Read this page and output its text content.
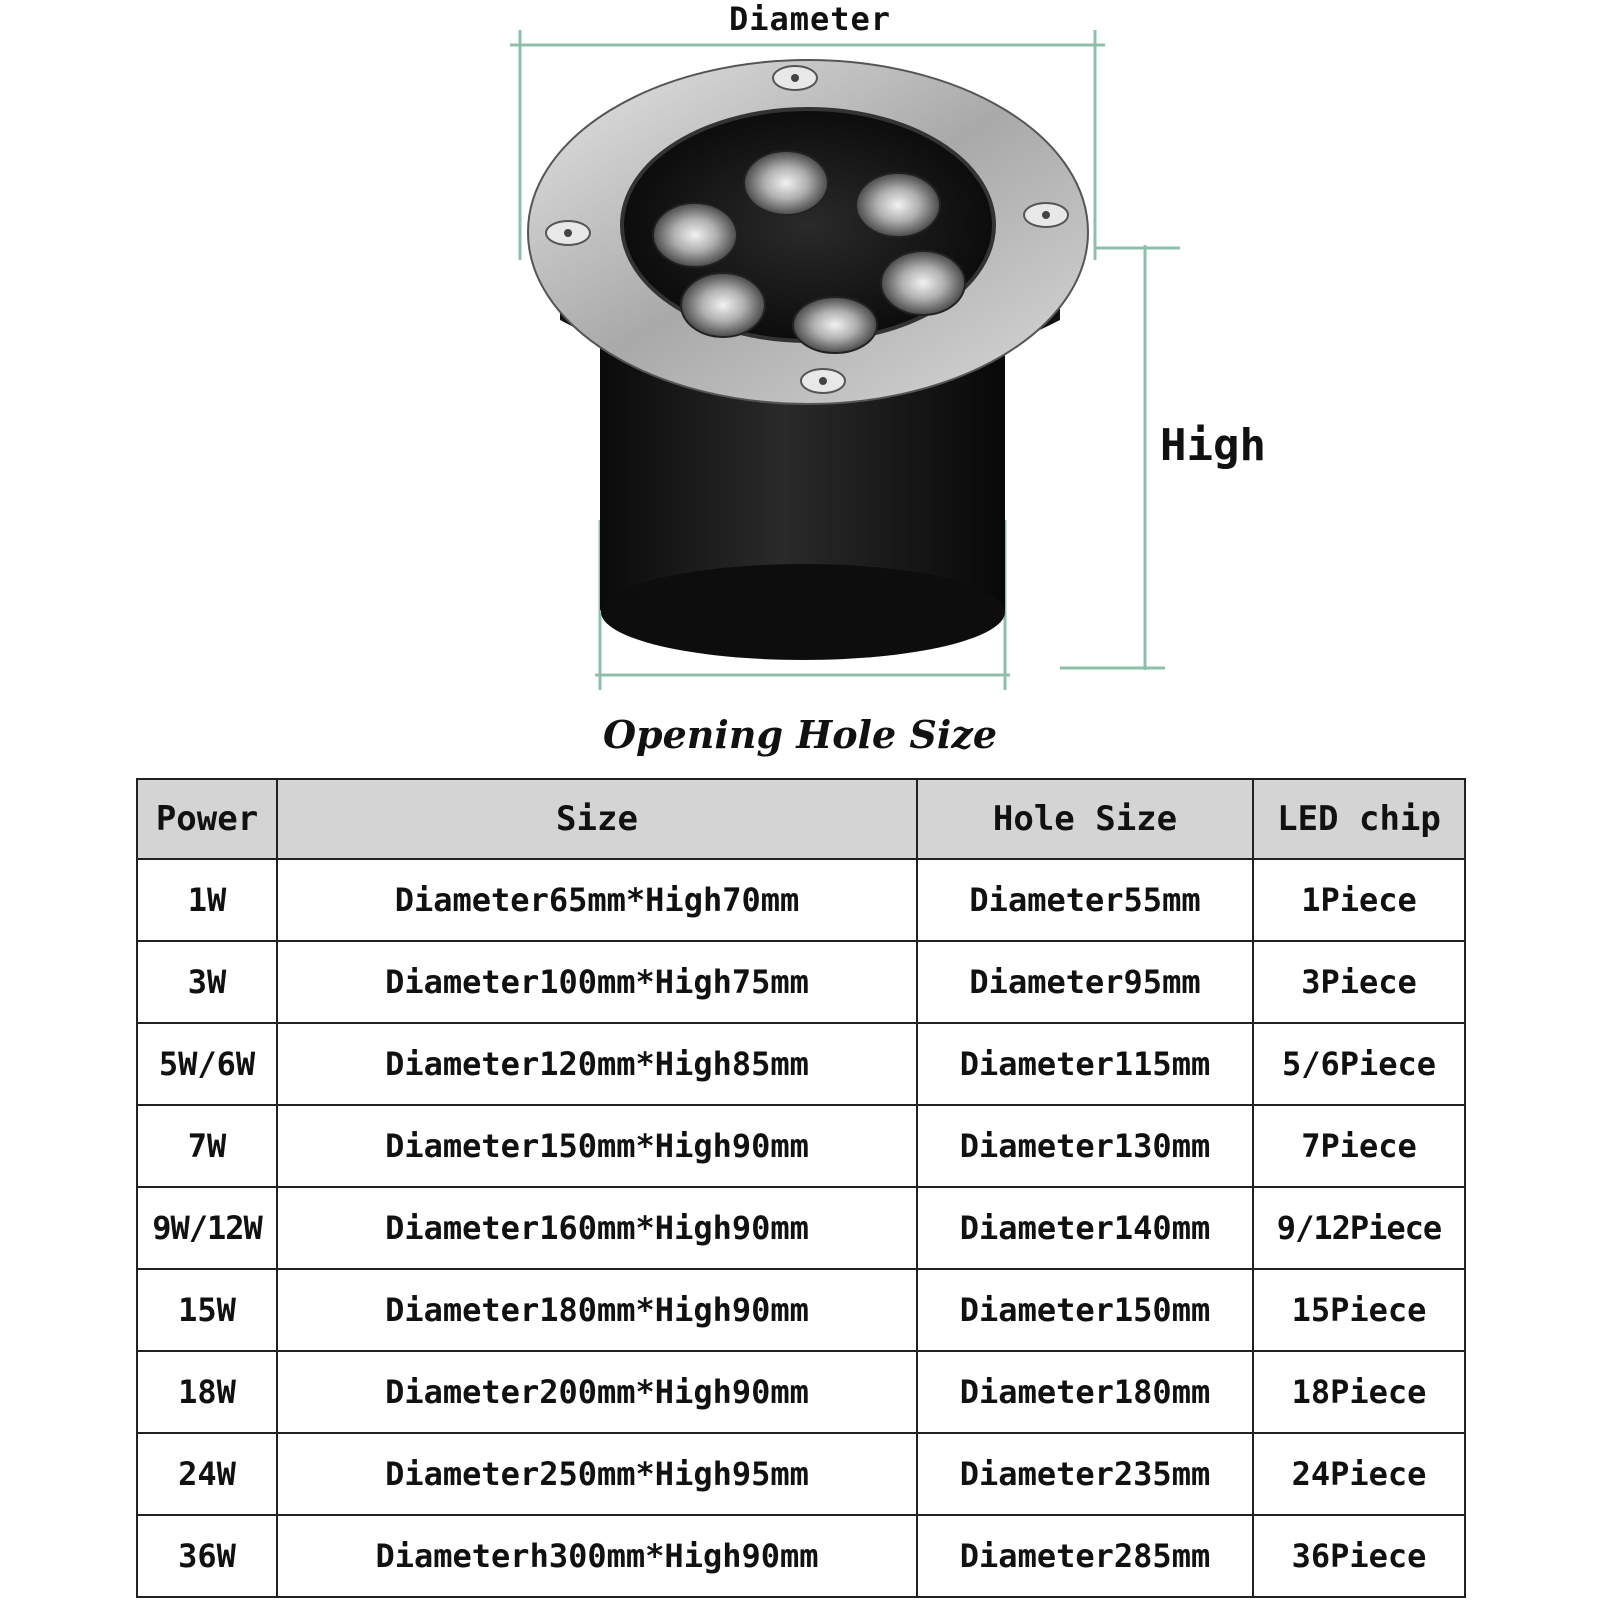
Diameter
High
Opening Hole Size
Power	Size	Hole Size	LED chip
1W	Diameter65mm*High70mm	Diameter55mm	1Piece
3W	Diameter100mm*High75mm	Diameter95mm	3Piece
5W/6W	Diameter120mm*High85mm	Diameter115mm	5/6Piece
7W	Diameter150mm*High90mm	Diameter130mm	7Piece
9W/12W	Diameter160mm*High90mm	Diameter140mm	9/12Piece
15W	Diameter180mm*High90mm	Diameter150mm	15Piece
18W	Diameter200mm*High90mm	Diameter180mm	18Piece
24W	Diameter250mm*High95mm	Diameter235mm	24Piece
36W	Diameterh300mm*High90mm	Diameter285mm	36Piece
